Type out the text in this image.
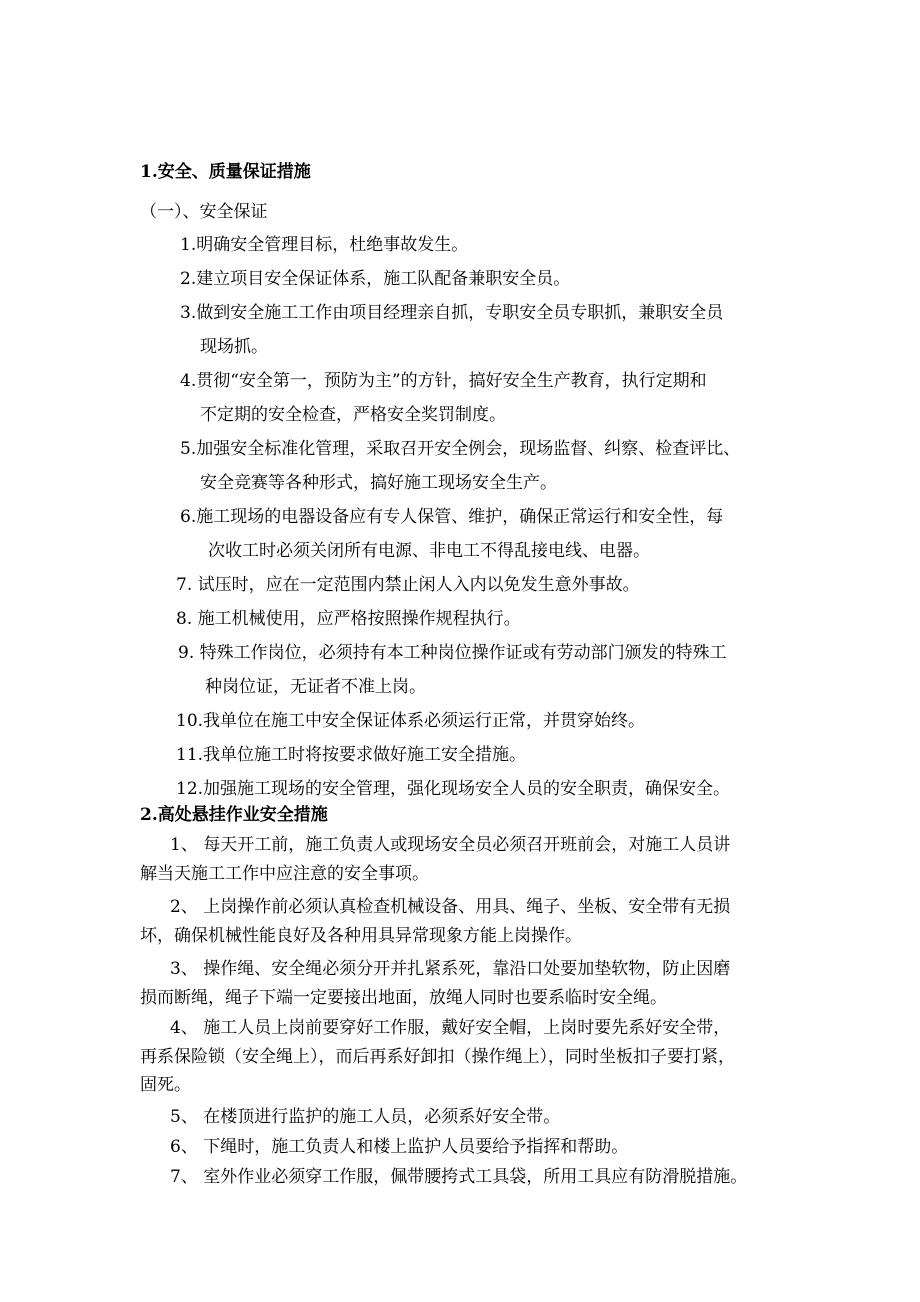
1.安全、质量保证措施
（一）、安全保证
1.明确安全管理目标，杜绝事故发生。
2.建立项目安全保证体系，施工队配备兼职安全员。
3.做到安全施工工作由项目经理亲自抓，专职安全员专职抓，兼职安全员
现场抓。
4.贯彻“安全第一，预防为主”的方针，搞好安全生产教育，执行定期和
不定期的安全检查，严格安全奖罚制度。
5.加强安全标准化管理，采取召开安全例会，现场监督、纠察、检查评比、
安全竞赛等各种形式，搞好施工现场安全生产。
6.施工现场的电器设备应有专人保管、维护，确保正常运行和安全性，每
次收工时必须关闭所有电源、非电工不得乱接电线、电器。
7. 试压时，应在一定范围内禁止闲人入内以免发生意外事故。
8. 施工机械使用，应严格按照操作规程执行。
9. 特殊工作岗位，必须持有本工种岗位操作证或有劳动部门颁发的特殊工
种岗位证，无证者不准上岗。
10.我单位在施工中安全保证体系必须运行正常，并贯穿始终。
11.我单位施工时将按要求做好施工安全措施。
12.加强施工现场的安全管理，强化现场安全人员的安全职责，确保安全。
2.高处悬挂作业安全措施
1、 每天开工前，施工负责人或现场安全员必须召开班前会，对施工人员讲
解当天施工工作中应注意的安全事项。
2、 上岗操作前必须认真检查机械设备、用具、绳子、坐板、安全带有无损
坏，确保机械性能良好及各种用具异常现象方能上岗操作。
3、 操作绳、安全绳必须分开并扎紧系死，靠沿口处要加垫软物，防止因磨
损而断绳，绳子下端一定要接出地面，放绳人同时也要系临时安全绳。
4、 施工人员上岗前要穿好工作服，戴好安全帽，上岗时要先系好安全带，
再系保险锁（安全绳上），而后再系好卸扣（操作绳上），同时坐板扣子要打紧，
固死。
5、 在楼顶进行监护的施工人员，必须系好安全带。
6、 下绳时，施工负责人和楼上监护人员要给予指挥和帮助。
7、 室外作业必须穿工作服，佩带腰挎式工具袋，所用工具应有防滑脱措施。
